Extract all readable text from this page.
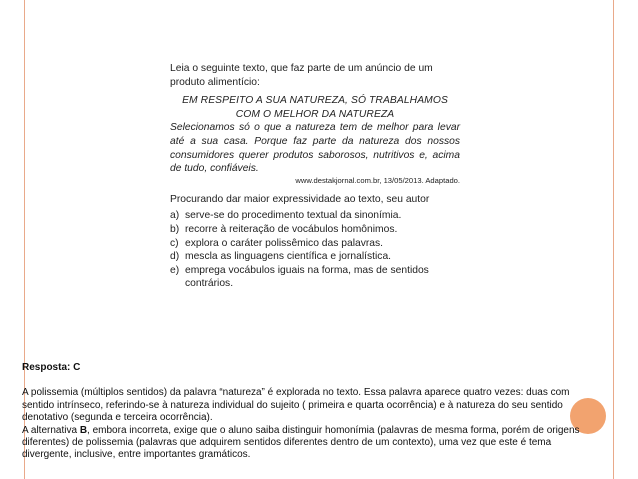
Leia o seguinte texto, que faz parte de um anúncio de um produto alimentício:

EM RESPEITO A SUA NATUREZA, SÓ TRABALHAMOS

COM O MELHOR DA NATUREZA

Selecionamos só o que a natureza tem de melhor para levar até a sua casa. Porque faz parte da natureza dos nossos consumidores querer produtos saborosos, nutritivos e, acima de tudo, confiáveis.

www.destakjornal.com.br, 13/05/2013. Adaptado.

Procurando dar maior expressividade ao texto, seu autor

a) serve-se do procedimento textual da sinonímia.
b) recorre à reiteração de vocábulos homônimos.
c) explora o caráter polissêmico das palavras.
d) mescla as linguagens científica e jornalística.
e) emprega vocábulos iguais na forma, mas de sentidos contrários.

Resposta: C

A polissemia (múltiplos sentidos) da palavra “natureza” é explorada no texto. Essa palavra aparece quatro vezes: duas com sentido intrínseco, referindo-se à natureza individual do sujeito ( primeira e quarta ocorrência) e à natureza do seu sentido denotativo (segunda e terceira ocorrência).

A alternativa B, embora incorreta, exige que o aluno saiba distinguir homonímia (palavras de mesma forma, porém de origens diferentes) de polissemia (palavras que adquirem sentidos diferentes dentro de um contexto), uma vez que este é tema divergente, inclusive, entre importantes gramáticos.
